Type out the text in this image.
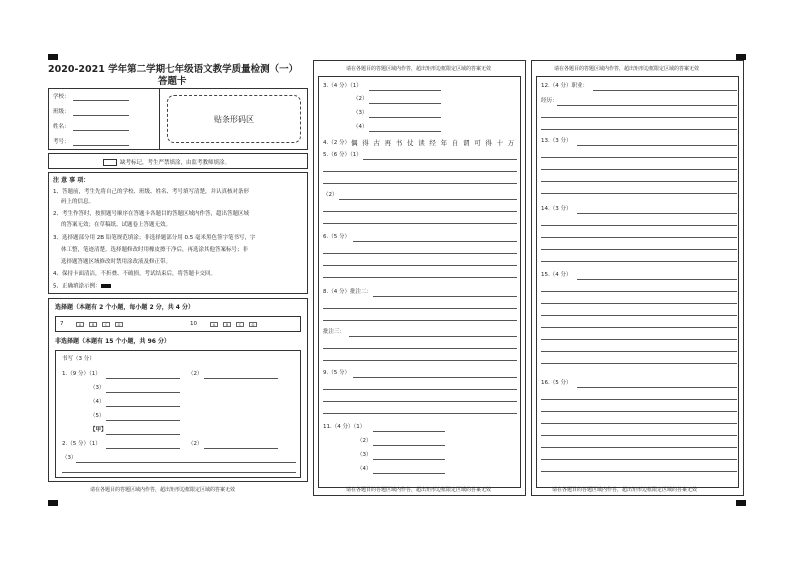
2020-2021 学年第二学期七年级语文教学质量检测（一）
答题卡
学校：
班级：
姓名：
考号：
贴条形码区
缺考标记，考生严禁填涂，由监考教师填涂。
注 意 事 项：
1、答题前，考生先将自己的学校、班级、姓名、考号填写清楚，并认真核对条形
码上的信息。
2、考生作答时，按照题号顺序在答题卡各题目的答题区域内作答，超出答题区域
的答案无效；在草稿纸、试题卷上答题无效。
3、选择题部分用 2B 铅笔规范填涂；非选择题部分用 0.5 毫米黑色签字笔书写，字
体工整，笔迹清楚。选择题修改时用橡皮擦干净后，再选涂其他答案标号；非
选择题答题区域修改时禁用涂改液及修正带。
4、保持卡面清洁，不折叠、不破损。考试结束后，将答题卡交回。
5、正确填涂示例：
选择题（本题有 2 个小题，每小题 2 分，共 4 分）
7	A	B	C	D	10	A	B	C	D
非选择题（本题有 15 个小题，共 96 分）
书写（3 分）
1.（9 分）（1）	（2）
（3）
（4）
（5）
【甲】
2.（5 分）（1）	（2）
（3）
请在各题目的答题区域内作答，超出矩形边框限定区域的答案无效
请在各题目的答题区域内作答，超出矩形边框限定区域的答案无效
3.（4 分）（1）
（2）
（3）
（4）
4.（2 分） 偶 得 古 再 书 仗 读 经 年 自 谓 可 得 十 万
5.（6 分）（1）
（2）
6.（5 分）
8.（4 分）批注二：
批注三：
9.（5 分）
11.（4 分）（1）
（2）
（3）
（4）
请在各题目的答题区域内作答，超出矩形边框限定区域的答案无效
请在各题目的答题区域内作答，超出矩形边框限定区域的答案无效
12.（4 分）职业：
经历：
13.（3 分）
14.（3 分）
15.（4 分）
16.（5 分）
请在各题目的答题区域内作答，超出矩形边框限定区域的答案无效
